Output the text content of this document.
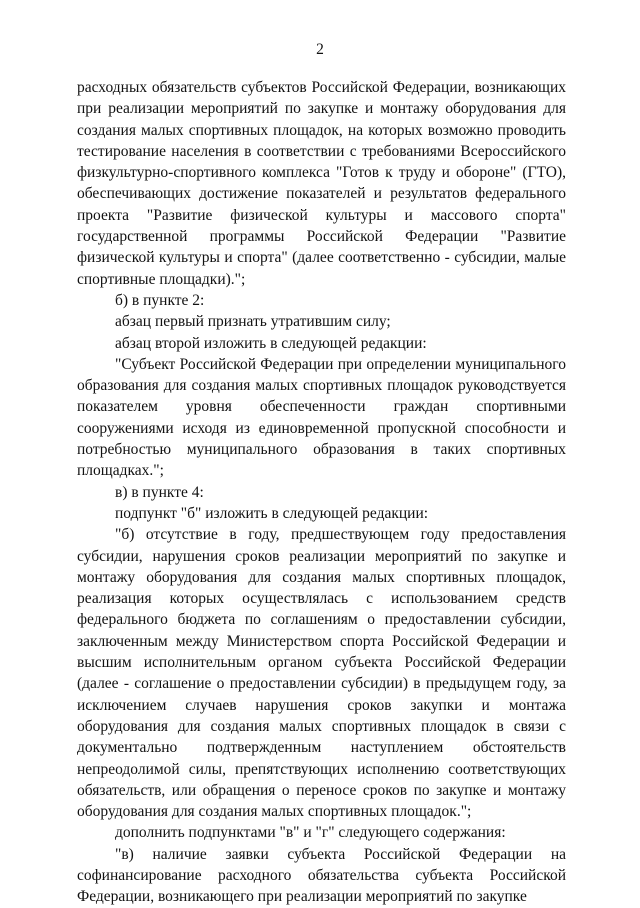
2

расходных обязательств субъектов Российской Федерации, возникающих при реализации мероприятий по закупке и монтажу оборудования для создания малых спортивных площадок, на которых возможно проводить тестирование населения в соответствии с требованиями Всероссийского физкультурно-спортивного комплекса "Готов к труду и обороне" (ГТО), обеспечивающих достижение показателей и результатов федерального проекта "Развитие физической культуры и массового спорта" государственной программы Российской Федерации "Развитие физической культуры и спорта" (далее соответственно - субсидии, малые спортивные площадки).";

б) в пункте 2:

абзац первый признать утратившим силу;

абзац второй изложить в следующей редакции:

"Субъект Российской Федерации при определении муниципального образования для создания малых спортивных площадок руководствуется показателем уровня обеспеченности граждан спортивными сооружениями исходя из единовременной пропускной способности и потребностью муниципального образования в таких спортивных площадках.";

в) в пункте 4:

подпункт "б" изложить в следующей редакции:

"б) отсутствие в году, предшествующем году предоставления субсидии, нарушения сроков реализации мероприятий по закупке и монтажу оборудования для создания малых спортивных площадок, реализация которых осуществлялась с использованием средств федерального бюджета по соглашениям о предоставлении субсидии, заключенным между Министерством спорта Российской Федерации и высшим исполнительным органом субъекта Российской Федерации (далее - соглашение о предоставлении субсидии) в предыдущем году, за исключением случаев нарушения сроков закупки и монтажа оборудования для создания малых спортивных площадок в связи с документально подтвержденным наступлением обстоятельств непреодолимой силы, препятствующих исполнению соответствующих обязательств, или обращения о переносе сроков по закупке и монтажу оборудования для создания малых спортивных площадок.";

дополнить подпунктами "в" и "г" следующего содержания:

"в) наличие заявки субъекта Российской Федерации на софинансирование расходного обязательства субъекта Российской Федерации, возникающего при реализации мероприятий по закупке
